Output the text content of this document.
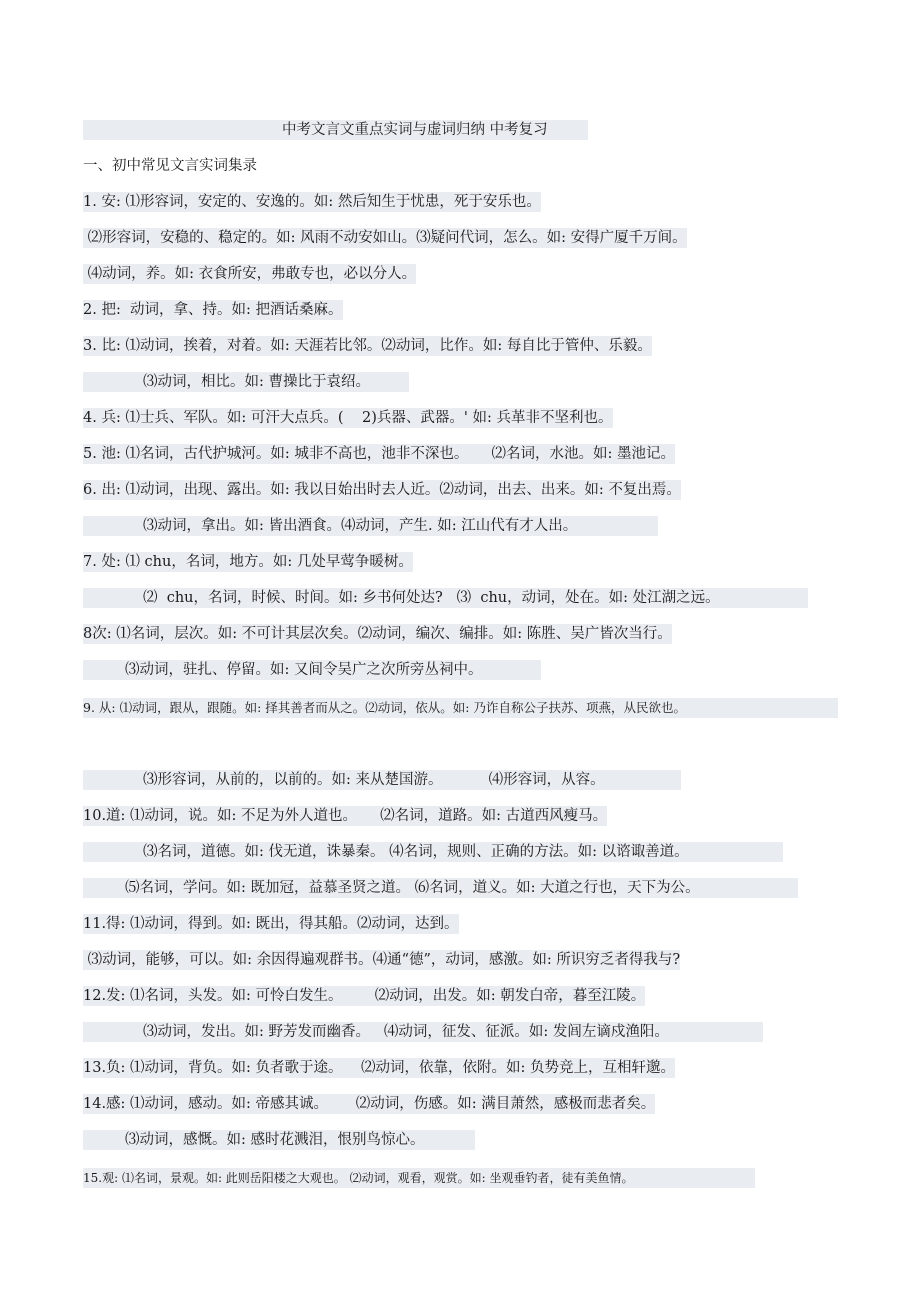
中考文言文重点实词与虚词归纳 中考复习
一、初中常见文言实词集录
1. 安: ⑴形容词，安定的、安逸的。如: 然后知生于忧患，死于安乐也。
⑵形容词，安稳的、稳定的。如: 风雨不动安如山。⑶疑问代词，怎么。如: 安得广厦千万间。
⑷动词，养。如: 衣食所安，弗敢专也，必以分人。
2. 把:  动词，拿、持。如: 把酒话桑麻。
3. 比: ⑴动词，挨着，对着。如: 天涯若比邻。⑵动词，比作。如: 每自比于管仲、乐毅。

⑶动词，相比。如: 曹操比于袁绍。

4. 兵: ⑴士兵、军队。如: 可汗大点兵。(    2)兵器、武器。' 如: 兵革非不坚利也。
5. 池: ⑴名词，古代护城河。如: 城非不高也，池非不深也。     ⑵名词，水池。如: 墨池记。
6. 出: ⑴动词，出现、露出。如: 我以日始出时去人近。⑵动词，出去、出来。如: 不复出焉。

⑶动词，拿出。如: 皆出酒食。⑷动词，产生. 如: 江山代有才人出。

7. 处: ⑴ chu，名词，地方。如: 几处早莺争暖树。

⑵  chu，名词，时候、时间。如: 乡书何处达?   ⑶  chu，动词，处在。如: 处江湖之远。

8次: ⑴名词，层次。如: 不可计其层次矣。⑵动词，编次、编排。如: 陈胜、吴广皆次当行。

⑶动词，驻扎、停留。如: 又间令吴广之次所旁丛祠中。

9. 从: ⑴动词，跟从，跟随。如: 择其善者而从之。⑵动词，依从。如: 乃诈自称公子扶苏、项燕，从民欲也。

⑶形容词，从前的，以前的。如: 来从楚国游。          ⑷形容词，从容。

10.道: ⑴动词，说。如: 不足为外人道也。     ⑵名词，道路。如: 古道西风瘦马。

⑶名词，道德。如: 伐无道，诛暴秦。 ⑷名词，规则、正确的方法。如: 以谘诹善道。

⑸名词，学问。如: 既加冠，益慕圣贤之道。 ⑹名词，道义。如: 大道之行也，天下为公。

11.得: ⑴动词，得到。如: 既出，得其船。⑵动词，达到。
⑶动词，能够，可以。如: 余因得遍观群书。⑷通“德”，动词，感激。如: 所识穷乏者得我与?
12.发: ⑴名词，头发。如: 可怜白发生。       ⑵动词，出发。如: 朝发白帝，暮至江陵。

⑶动词，发出。如: 野芳发而幽香。   ⑷动词，征发、征派。如: 发闾左谪戍渔阳。

13.负: ⑴动词，背负。如: 负者歌于途。    ⑵动词，依靠，依附。如: 负势竞上，互相轩邈。
14.感: ⑴动词，感动。如: 帝感其诚。      ⑵动词，伤感。如: 满目萧然，感极而悲者矣。

⑶动词，感慨。如: 感时花溅泪，恨别鸟惊心。

15.观: ⑴名词，景观。如: 此则岳阳楼之大观也。 ⑵动词，观看，观赏。如: 坐观垂钓者，徒有美鱼情。
